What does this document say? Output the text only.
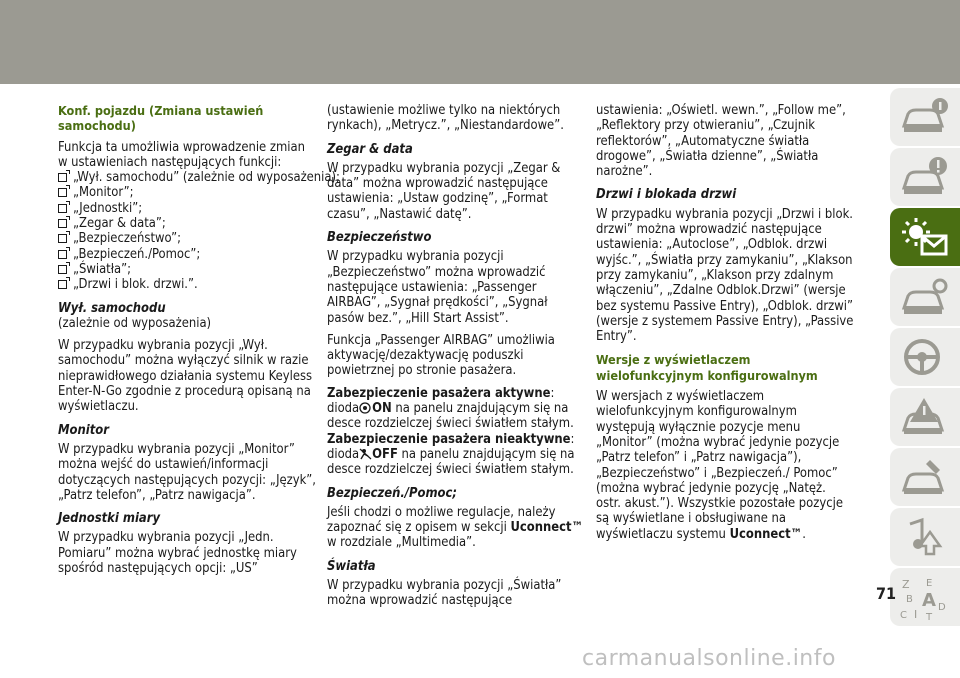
Konf. pojazdu (Zmiana ustawień samochodu)

Funkcja ta umożliwia wprowadzenie zmian w ustawieniach następujących funkcji:
„Wył. samochodu” (zależnie od wyposażenia);
„Monitor”;
„Jednostki”;
„Zegar & data”;
„Bezpieczeństwo”;
„Bezpieczeń./Pomoc”;
„Światła”;
„Drzwi i blok. drzwi.”.

Wył. samochodu

(zależnie od wyposażenia)

W przypadku wybrania pozycji „Wył. samochodu” można wyłączyć silnik w razie nieprawidłowego działania systemu Keyless Enter-N-Go zgodnie z procedurą opisaną na wyświetlaczu.

Monitor

W przypadku wybrania pozycji „Monitor” można wejść do ustawień/informacji dotyczących następujących pozycji: „Język”, „Patrz telefon”, „Patrz nawigacja”.

Jednostki miary

W przypadku wybrania pozycji „Jedn. Pomiaru” można wybrać jednostkę miary spośród następujących opcji: „US”

(ustawienie możliwe tylko na niektórych rynkach), „Metrycz.”, „Niestandardowe”.

Zegar & data

W przypadku wybrania pozycji „Zegar & data” można wprowadzić następujące ustawienia: „Ustaw godzinę”, „Format czasu”, „Nastawić datę”.

Bezpieczeństwo

W przypadku wybrania pozycji „Bezpieczeństwo” można wprowadzić następujące ustawienia: „Passenger AIRBAG”, „Sygnał prędkości”, „Sygnał pasów bez.”, „Hill Start Assist”.

Funkcja „Passenger AIRBAG” umożliwia aktywację/dezaktywację poduszki powietrznej po stronie pasażera.

Zabezpieczenie pasażera aktywne: dioda ON na panelu znajdującym się na desce rozdzielczej świeci światłem stałym. Zabezpieczenie pasażera nieaktywne: dioda OFF na panelu znajdującym się na desce rozdzielczej świeci światłem stałym.

Bezpieczeń./Pomoc;

Jeśli chodzi o możliwe regulacje, należy zapoznać się z opisem w sekcji Uconnect™ w rozdziale „Multimedia”.

Światła

W przypadku wybrania pozycji „Światła” można wprowadzić następujące

ustawienia: „Oświetl. wewn.”, „Follow me”, „Reflektory przy otwieraniu”, „Czujnik reflektorów”, „Automatyczne światła drogowe”, „Światła dzienne”, „Światła narożne”.

Drzwi i blokada drzwi

W przypadku wybrania pozycji „Drzwi i blok. drzwi” można wprowadzić następujące ustawienia: „Autoclose”, „Odblok. drzwi wyjśc.”, „Światła przy zamykaniu”, „Klakson przy zamykaniu”, „Klakson przy zdalnym włączeniu”, „Zdalne Odblok.Drzwi” (wersje bez systemu Passive Entry), „Odblok. drzwi” (wersje z systemem Passive Entry), „Passive Entry”.

Wersje z wyświetlaczem wielofunkcyjnym konfigurowalnym

W wersjach z wyświetlaczem wielofunkcyjnym konfigurowalnym występują wyłącznie pozycje menu „Monitor” (można wybrać jedynie pozycje „Patrz telefon” i „Patrz nawigacja”), „Bezpieczeństwo” i „Bezpieczeń./ Pomoc” (można wybrać jedynie pozycję „Natęż. ostr. akust.”). Wszystkie pozostałe pozycje są wyświetlane i obsługiwane na wyświetlaczu systemu Uconnect™.

Z E
B A
C
D
I T
71
carmanualsonline.info
